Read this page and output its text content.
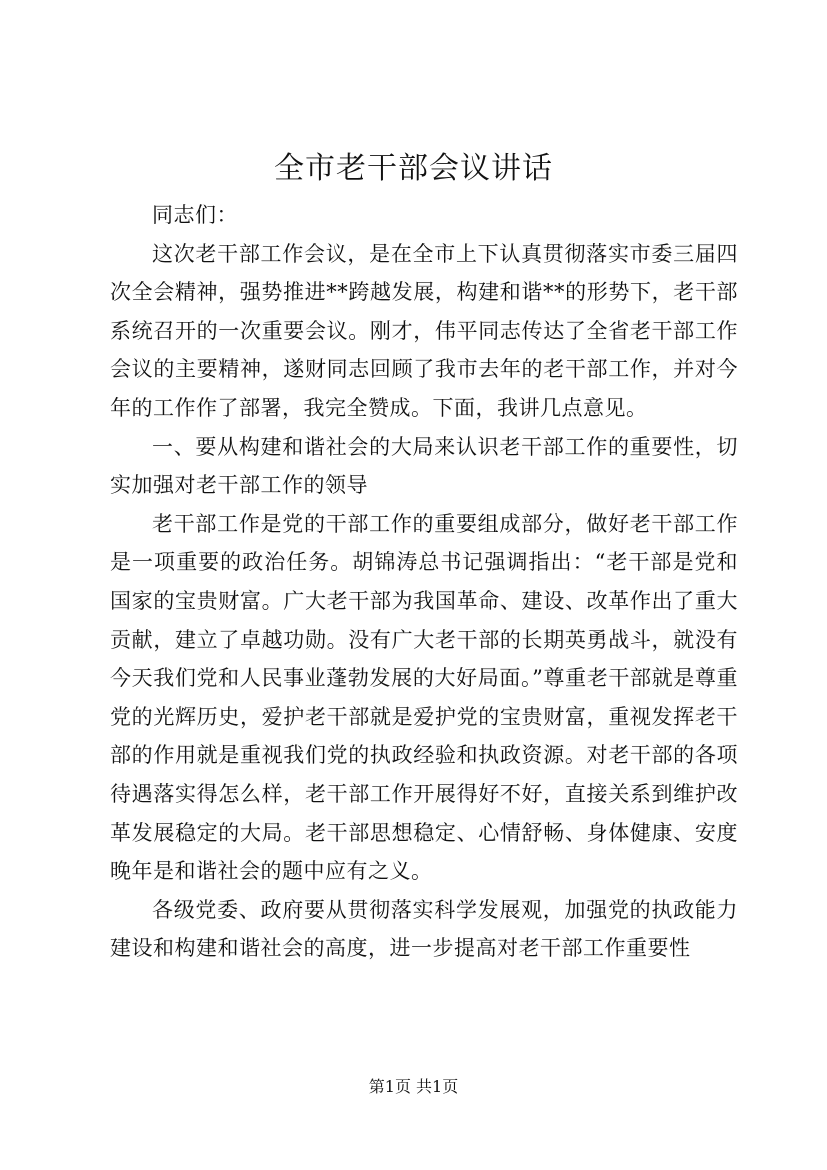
全市老干部会议讲话

同志们：

这次老干部工作会议，是在全市上下认真贯彻落实市委三届四次全会精神，强势推进**跨越发展，构建和谐**的形势下，老干部系统召开的一次重要会议。刚才，伟平同志传达了全省老干部工作会议的主要精神，遂财同志回顾了我市去年的老干部工作，并对今年的工作作了部署，我完全赞成。下面，我讲几点意见。

一、要从构建和谐社会的大局来认识老干部工作的重要性，切实加强对老干部工作的领导

老干部工作是党的干部工作的重要组成部分，做好老干部工作是一项重要的政治任务。胡锦涛总书记强调指出：“老干部是党和国家的宝贵财富。广大老干部为我国革命、建设、改革作出了重大贡献，建立了卓越功勋。没有广大老干部的长期英勇战斗，就没有今天我们党和人民事业蓬勃发展的大好局面。”尊重老干部就是尊重党的光辉历史，爱护老干部就是爱护党的宝贵财富，重视发挥老干部的作用就是重视我们党的执政经验和执政资源。对老干部的各项待遇落实得怎么样，老干部工作开展得好不好，直接关系到维护改革发展稳定的大局。老干部思想稳定、心情舒畅、身体健康、安度晚年是和谐社会的题中应有之义。

各级党委、政府要从贯彻落实科学发展观，加强党的执政能力建设和构建和谐社会的高度，进一步提高对老干部工作重要性

第1页 共1页
